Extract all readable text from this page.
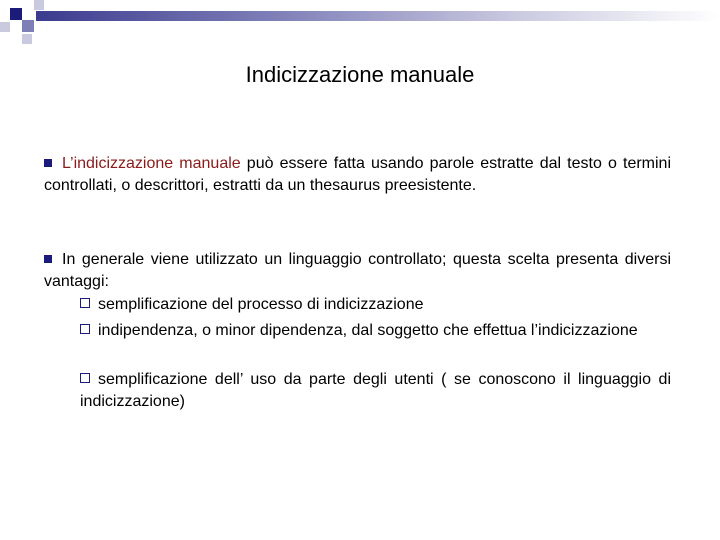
Indicizzazione manuale
L’indicizzazione manuale può essere fatta usando parole estratte dal testo o termini controllati, o descrittori, estratti da un thesaurus preesistente.
In generale viene utilizzato un linguaggio controllato; questa scelta presenta diversi vantaggi:
semplificazione del processo di indicizzazione
indipendenza, o minor dipendenza, dal soggetto che effettua l’indicizzazione
semplificazione dell’ uso da parte degli utenti ( se conoscono il linguaggio di indicizzazione)
